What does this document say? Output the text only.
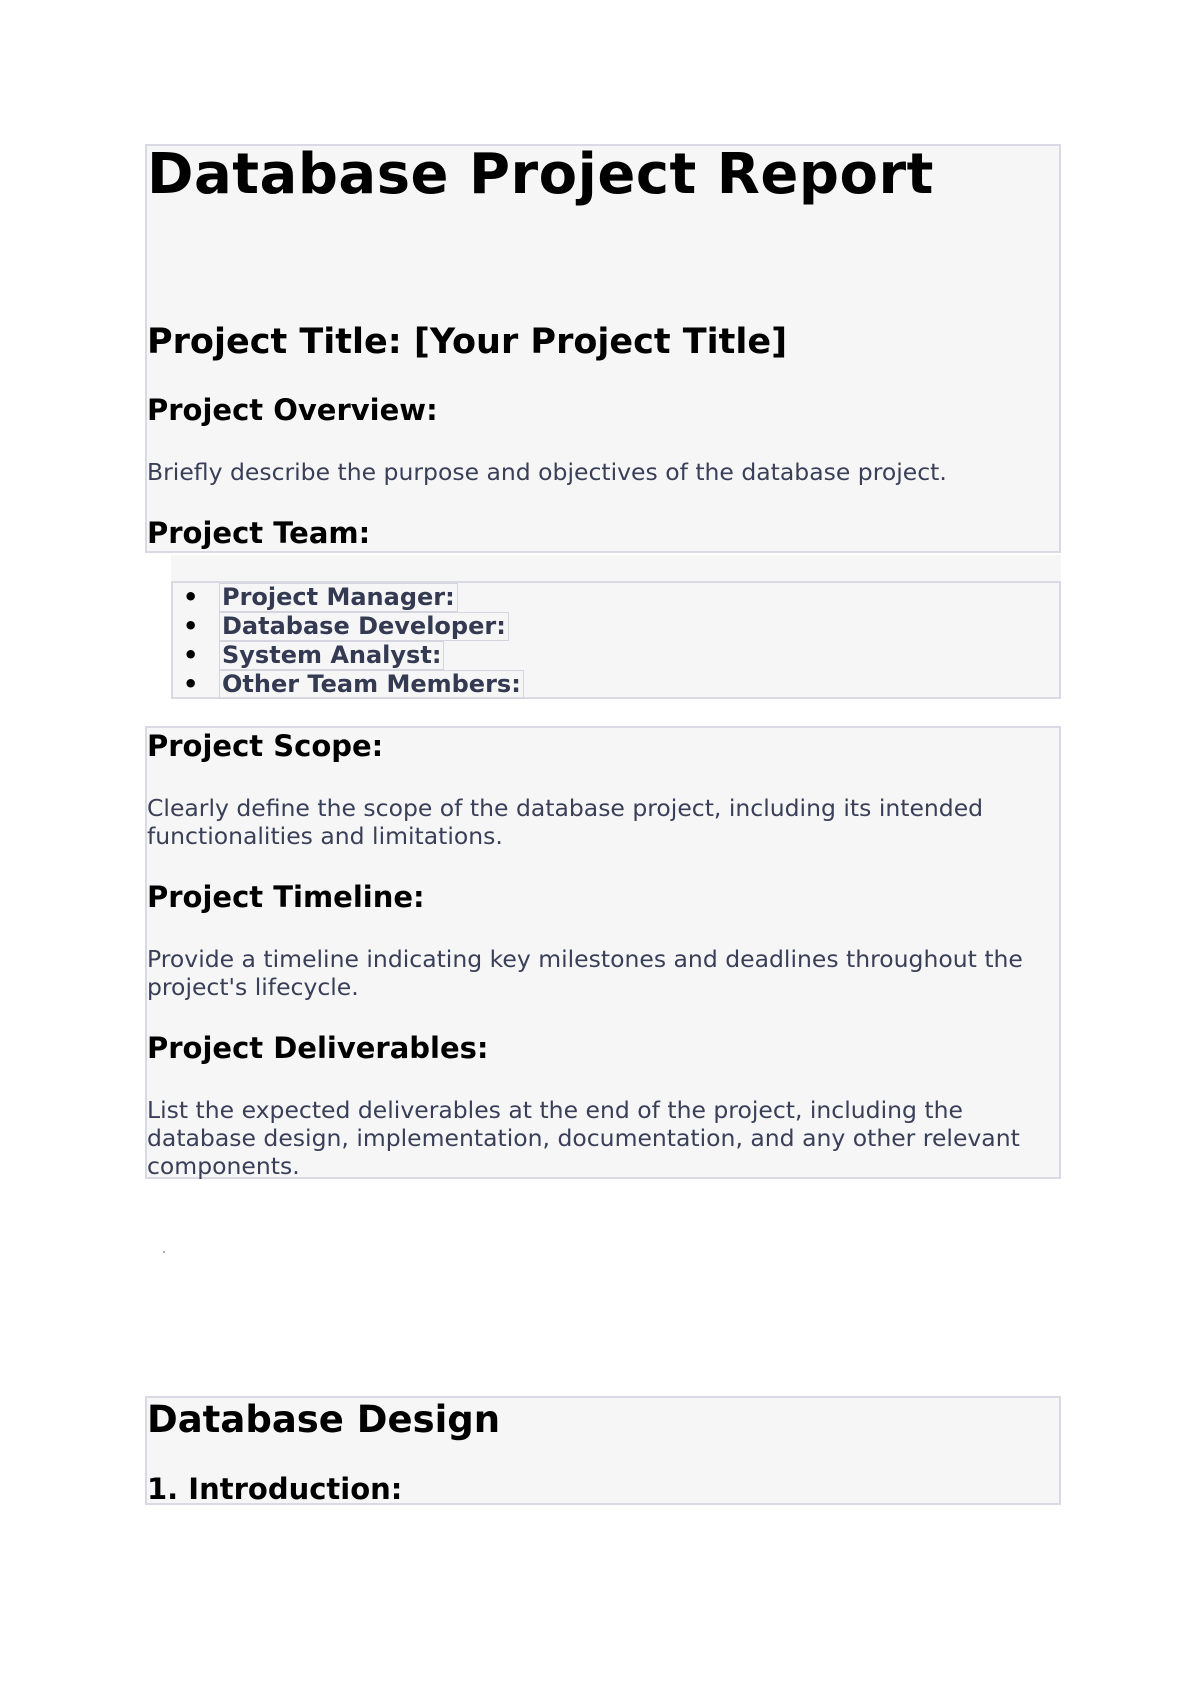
Database Project Report
Project Title: [Your Project Title]
Project Overview:

Briefly describe the purpose and objectives of the database project.

Project Team:
• Project Manager:
• Database Developer:
• System Analyst:
• Other Team Members:
Project Scope:

Clearly define the scope of the database project, including its intended

functionalities and limitations.

Project Timeline:

Provide a timeline indicating key milestones and deadlines throughout the

project's lifecycle.

Project Deliverables:

List the expected deliverables at the end of the project, including the

database design, implementation, documentation, and any other relevant

components.

Database Design
1. Introduction:
